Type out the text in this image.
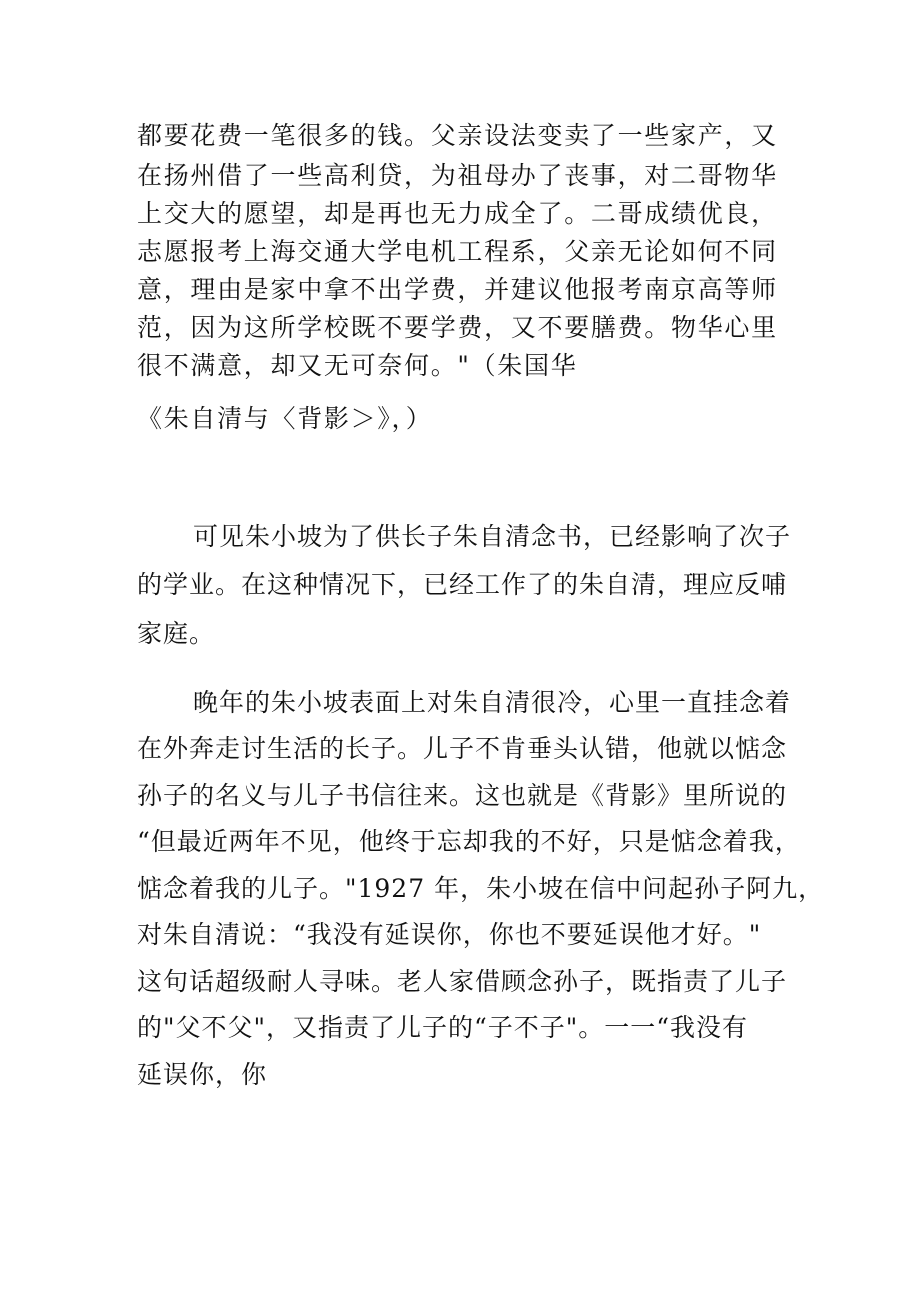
都要花费一笔很多的钱。父亲设法变卖了一些家产，又
在扬州借了一些高利贷，为祖母办了丧事，对二哥物华
上交大的愿望，却是再也无力成全了。二哥成绩优良，
志愿报考上海交通大学电机工程系，父亲无论如何不同
意，理由是家中拿不出学费，并建议他报考南京高等师
范，因为这所学校既不要学费，又不要膳费。物华心里
很不满意，却又无可奈何。"（朱国华
《朱自清与〈背影＞》，）
可见朱小坡为了供长子朱自清念书，已经影响了次子
的学业。在这种情况下，已经工作了的朱自清，理应反哺
家庭。
晚年的朱小坡表面上对朱自清很冷，心里一直挂念着
在外奔走讨生活的长子。儿子不肯垂头认错，他就以惦念
孙子的名义与儿子书信往来。这也就是《背影》里所说的
“但最近两年不见，他终于忘却我的不好，只是惦念着我，
惦念着我的儿子。"1927 年，朱小坡在信中问起孙子阿九，
对朱自清说：“我没有延误你，你也不要延误他才好。"
这句话超级耐人寻味。老人家借顾念孙子，既指责了儿子
的"父不父"，又指责了儿子的“子不子"。一一“我没有
延误你，你
